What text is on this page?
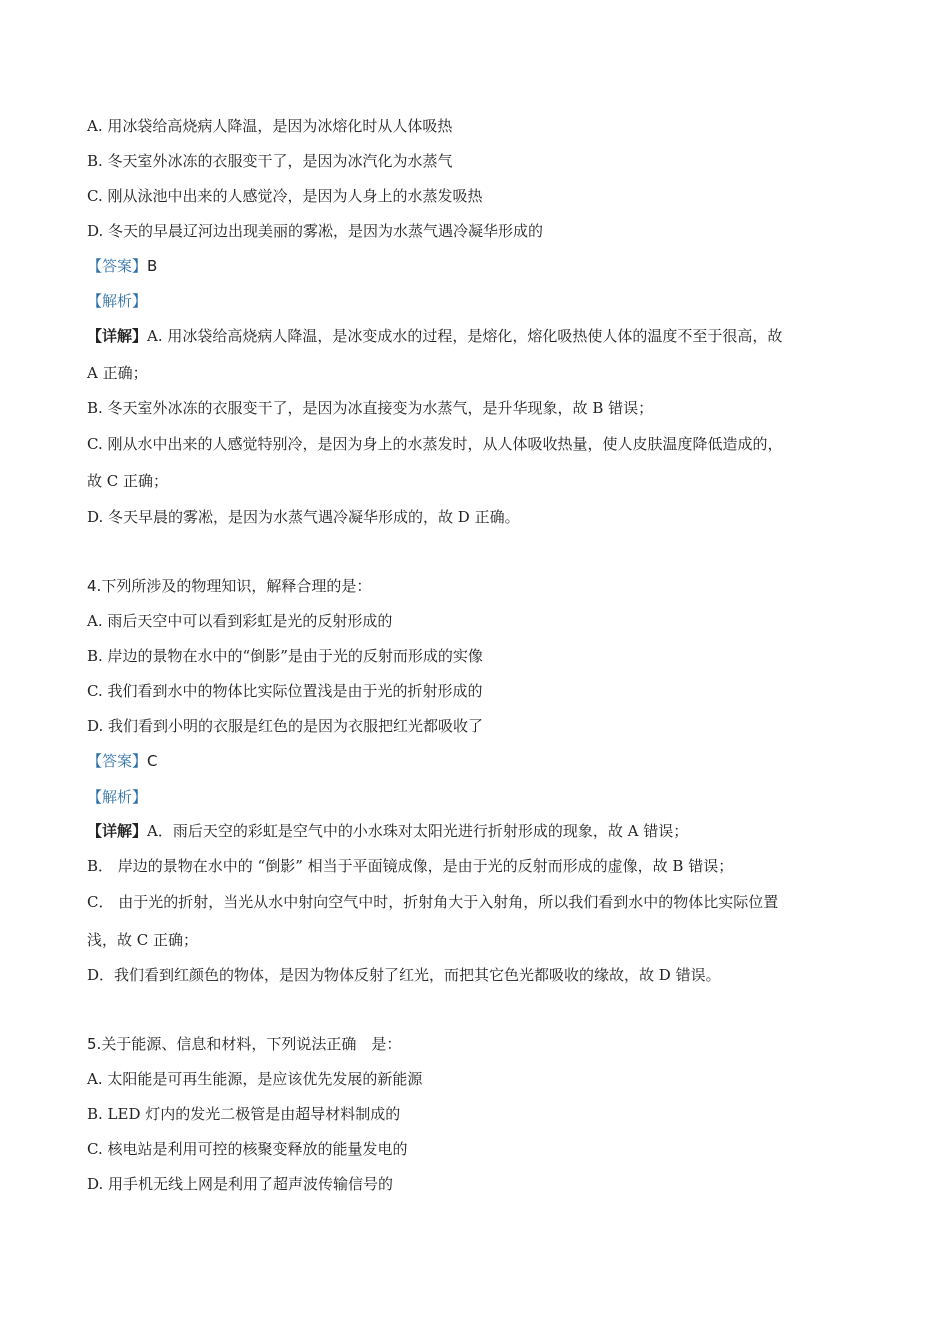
A. 用冰袋给高烧病人降温，是因为冰熔化时从人体吸热
B. 冬天室外冰冻的衣服变干了，是因为冰汽化为水蒸气
C. 刚从泳池中出来的人感觉冷，是因为人身上的水蒸发吸热
D. 冬天的早晨辽河边出现美丽的雾凇，是因为水蒸气遇冷凝华形成的
【答案】B
【解析】
【详解】A. 用冰袋给高烧病人降温，是冰变成水的过程，是熔化，熔化吸热使人体的温度不至于很高，故
A 正确；
B. 冬天室外冰冻的衣服变干了，是因为冰直接变为水蒸气，是升华现象，故 B 错误；
C. 刚从水中出来的人感觉特别冷，是因为身上的水蒸发时，从人体吸收热量，使人皮肤温度降低造成的，
故 C 正确；
D. 冬天早晨的雾凇，是因为水蒸气遇冷凝华形成的，故 D 正确。
4.下列所涉及的物理知识，解释合理的是：
A. 雨后天空中可以看到彩虹是光的反射形成的
B. 岸边的景物在水中的“倒影”是由于光的反射而形成的实像
C. 我们看到水中的物体比实际位置浅是由于光的折射形成的
D. 我们看到小明的衣服是红色的是因为衣服把红光都吸收了
【答案】C
【解析】
【详解】A．雨后天空的彩虹是空气中的小水珠对太阳光进行折射形成的现象，故 A 错误；
B． 岸边的景物在水中的 “倒影” 相当于平面镜成像，是由于光的反射而形成的虚像，故 B 错误；
C． 由于光的折射，当光从水中射向空气中时，折射角大于入射角，所以我们看到水中的物体比实际位置
浅，故 C 正确；
D．我们看到红颜色的物体，是因为物体反射了红光，而把其它色光都吸收的缘故，故 D 错误。
5.关于能源、信息和材料，下列说法正确　是：
A. 太阳能是可再生能源，是应该优先发展的新能源
B. LED 灯内的发光二极管是由超导材料制成的
C. 核电站是利用可控的核聚变释放的能量发电的
D. 用手机无线上网是利用了超声波传输信号的
